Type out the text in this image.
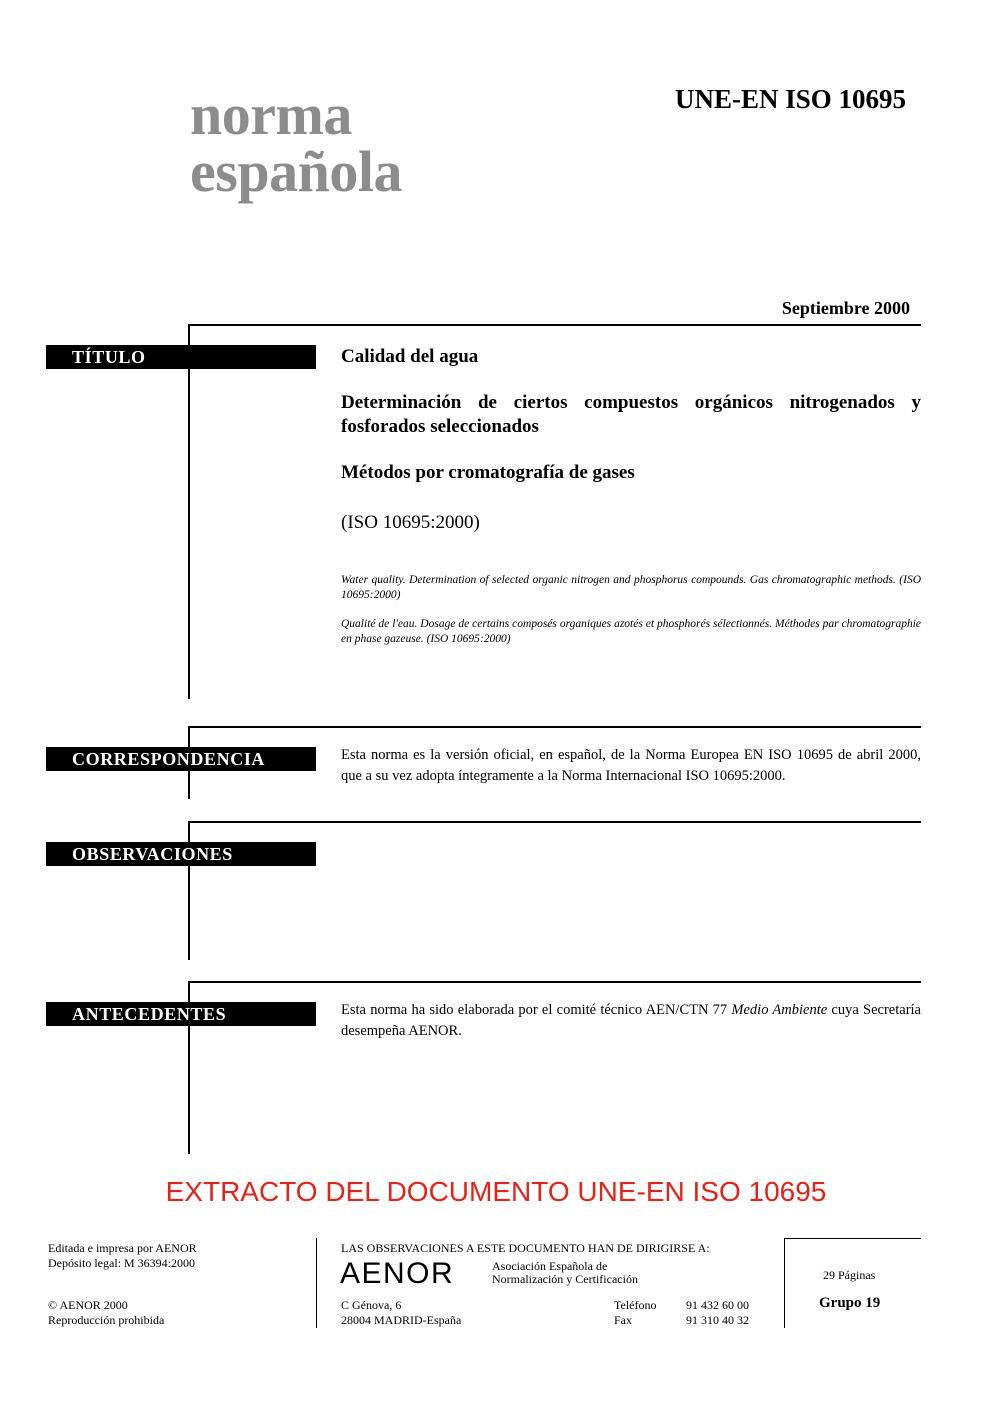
norma
española
UNE-EN ISO 10695
Septiembre 2000
TÍTULO	Calidad del agua
Determinación de ciertos compuestos orgánicos nitrogenados y fosforados seleccionados
Métodos por cromatografía de gases
(ISO 10695:2000)
Water quality. Determination of selected organic nitrogen and phosphorus compounds. Gas chromatographic methods. (ISO 10695:2000)
Qualité de l'eau. Dosage de certains composés organiques azotés et phosphorés sélectionnés. Méthodes par chromatographie en phase gazeuse. (ISO 10695:2000)
CORRESPONDENCIA	Esta norma es la versión oficial, en español, de la Norma Europea EN ISO 10695 de abril 2000, que a su vez adopta íntegramente a la Norma Internacional ISO 10695:2000.
OBSERVACIONES
ANTECEDENTES	Esta norma ha sido elaborada por el comité técnico AEN/CTN 77 Medio Ambiente cuya Secretaría desempeña AENOR.
EXTRACTO DEL DOCUMENTO UNE-EN ISO 10695
Editada e impresa por AENOR
Depósito legal: M 36394:2000
© AENOR 2000
Reproducción prohibida
LAS OBSERVACIONES A ESTE DOCUMENTO HAN DE DIRIGIRSE A:
AENOR	Asociación Española de
Normalización y Certificación
C Génova, 6
28004 MADRID-España
Teléfono 91 432 60 00
Fax	91 310 40 32
29 Páginas
Grupo 19
